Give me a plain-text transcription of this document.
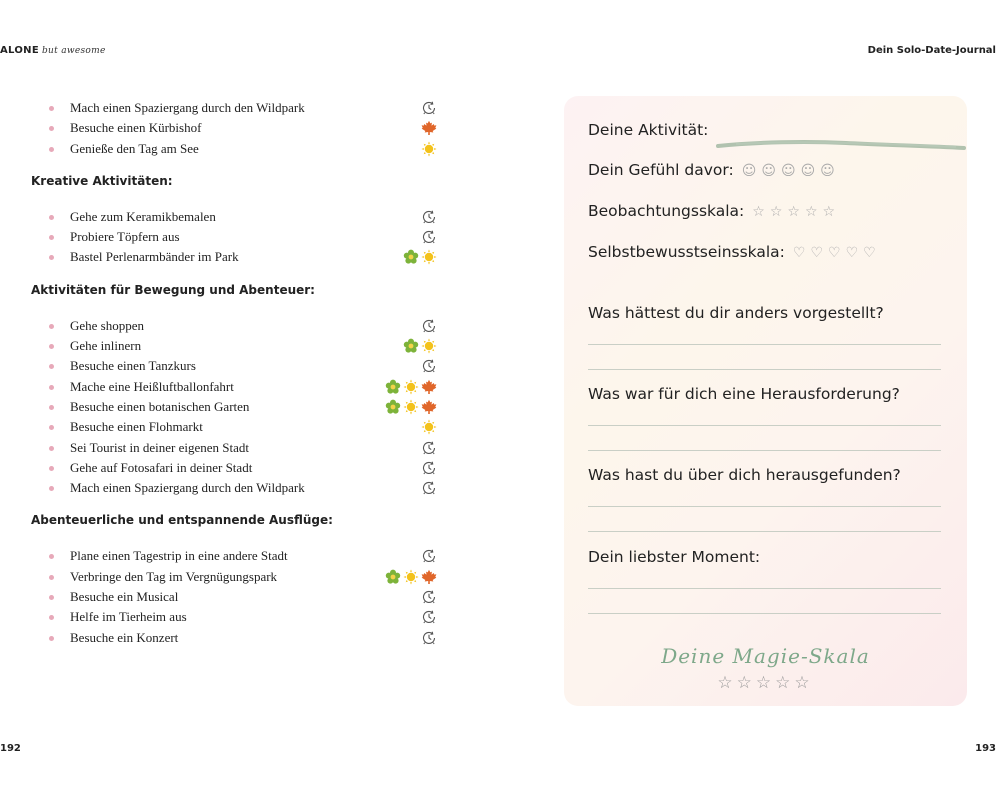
ALONE but awesome	Dein Solo-Date-Journal
Mach einen Spaziergang durch den Wildpark
Besuche einen Kürbishof
Genieße den Tag am See
Kreative Aktivitäten:
Gehe zum Keramikbemalen
Probiere Töpfern aus
Bastel Perlenarmbänder im Park
Aktivitäten für Bewegung und Abenteuer:
Gehe shoppen
Gehe inlinern
Besuche einen Tanzkurs
Mache eine Heißluftballonfahrt
Besuche einen botanischen Garten
Besuche einen Flohmarkt
Sei Tourist in deiner eigenen Stadt
Gehe auf Fotosafari in deiner Stadt
Mach einen Spaziergang durch den Wildpark
Abenteuerliche und entspannende Ausflüge:
Plane einen Tagestrip in eine andere Stadt
Verbringe den Tag im Vergnügungspark
Besuche ein Musical
Helfe im Tierheim aus
Besuche ein Konzert
Deine Aktivität:
Dein Gefühl davor: ☺ ☺ ☺ ☺ ☺
Beobachtungsskala: ☆ ☆ ☆ ☆ ☆
Selbstbewusstseinsskala: ♡ ♡ ♡ ♡ ♡
Was hättest du dir anders vorgestellt?
Was war für dich eine Herausforderung?
Was hast du über dich herausgefunden?
Dein liebster Moment:
Deine Magie-Skala
☆☆☆☆☆
192	193
